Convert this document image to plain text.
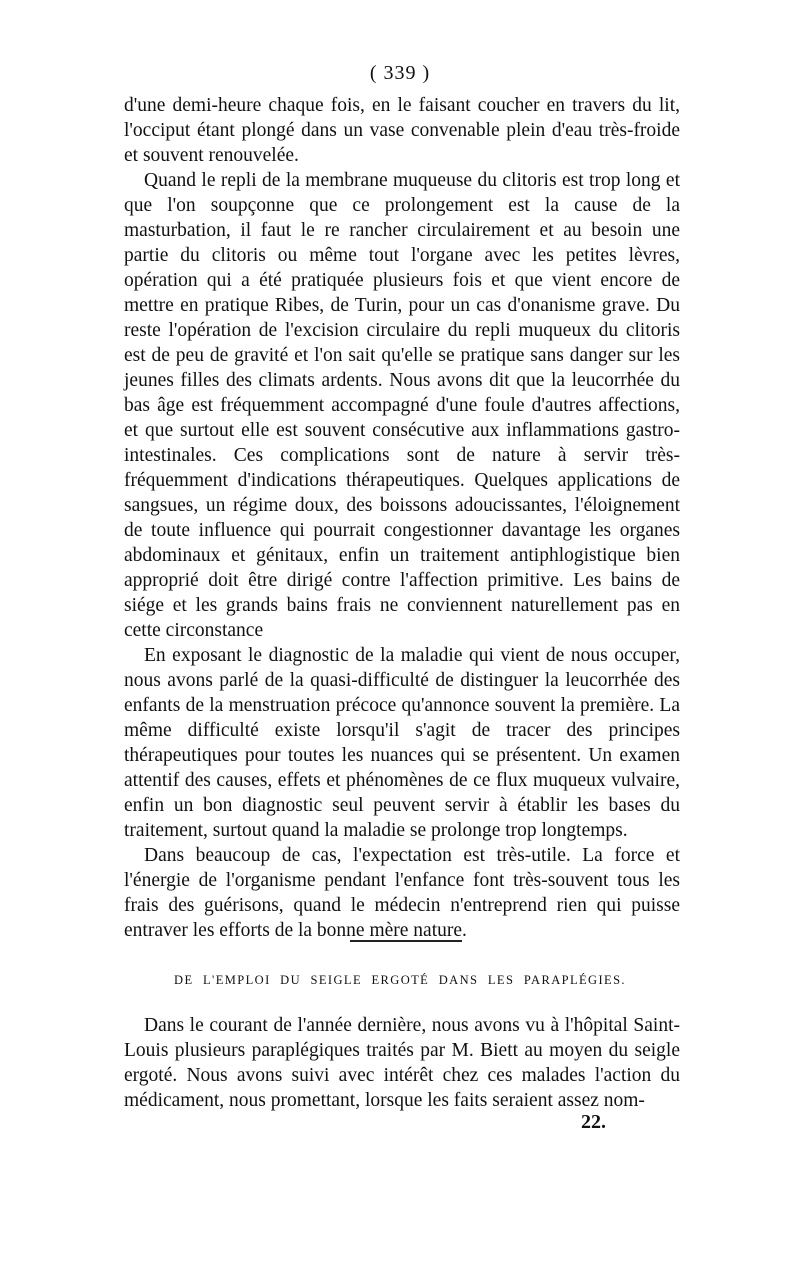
( 339 )

d'une demi-heure chaque fois, en le faisant coucher en travers du lit, l'occiput étant plongé dans un vase convenable plein d'eau très-froide et souvent renouvelée.

Quand le repli de la membrane muqueuse du clitoris est trop long et que l'on soupçonne que ce prolongement est la cause de la masturbation, il faut le re rancher circulairement et au besoin une partie du clitoris ou même tout l'organe avec les petites lèvres, opération qui a été pratiquée plusieurs fois et que vient encore de mettre en pratique Ribes, de Turin, pour un cas d'onanisme grave. Du reste l'opération de l'excision circulaire du repli muqueux du clitoris est de peu de gravité et l'on sait qu'elle se pratique sans danger sur les jeunes filles des climats ardents. Nous avons dit que la leucorrhée du bas âge est fréquemment accompagné d'une foule d'autres affections, et que surtout elle est souvent consécutive aux inflammations gastro-intestinales. Ces complications sont de nature à servir très-fréquemment d'indications thérapeutiques. Quelques applications de sangsues, un régime doux, des boissons adoucissantes, l'éloignement de toute influence qui pourrait congestionner davantage les organes abdominaux et génitaux, enfin un traitement antiphlogistique bien approprié doit être dirigé contre l'affection primitive. Les bains de siége et les grands bains frais ne conviennent naturellement pas en cette circonstance

En exposant le diagnostic de la maladie qui vient de nous occuper, nous avons parlé de la quasi-difficulté de distinguer la leucorrhée des enfants de la menstruation précoce qu'annonce souvent la première. La même difficulté existe lorsqu'il s'agit de tracer des principes thérapeutiques pour toutes les nuances qui se présentent. Un examen attentif des causes, effets et phénomènes de ce flux muqueux vulvaire, enfin un bon diagnostic seul peuvent servir à établir les bases du traitement, surtout quand la maladie se prolonge trop longtemps.

Dans beaucoup de cas, l'expectation est très-utile. La force et l'énergie de l'organisme pendant l'enfance font très-souvent tous les frais des guérisons, quand le médecin n'entreprend rien qui puisse entraver les efforts de la bonne mère nature.

DE L'EMPLOI DU SEIGLE ERGOTÉ DANS LES PARAPLÉGIES.

Dans le courant de l'année dernière, nous avons vu à l'hôpital Saint-Louis plusieurs paraplégiques traités par M. Biett au moyen du seigle ergoté. Nous avons suivi avec intérêt chez ces malades l'action du médicament, nous promettant, lorsque les faits seraient assez nom-

22.
